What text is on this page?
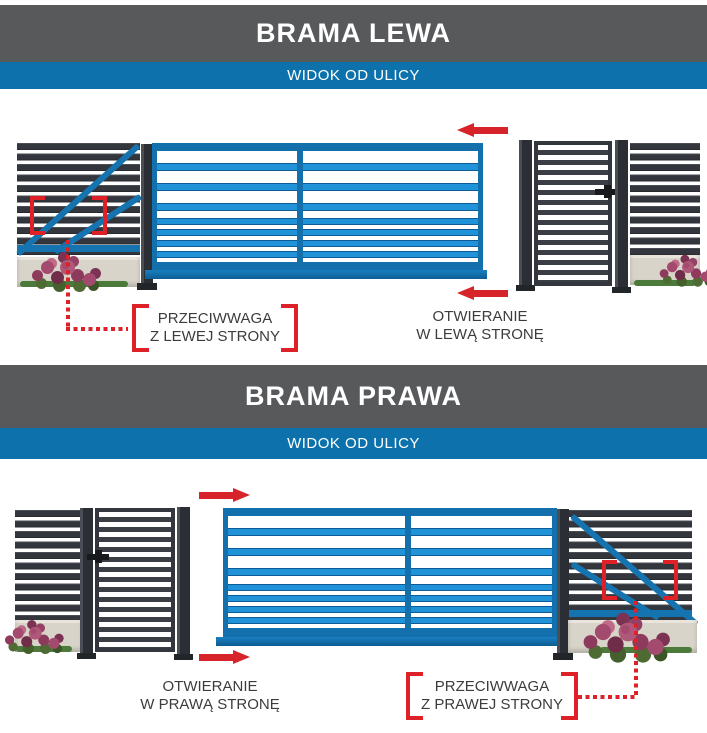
BRAMA LEWA
WIDOK OD ULICY
PRZECIWWAGA
Z LEWEJ STRONY
OTWIERANIE
W LEWĄ STRONĘ
BRAMA PRAWA
WIDOK OD ULICY
OTWIERANIE
W PRAWĄ STRONĘ
PRZECIWWAGA
Z PRAWEJ STRONY
